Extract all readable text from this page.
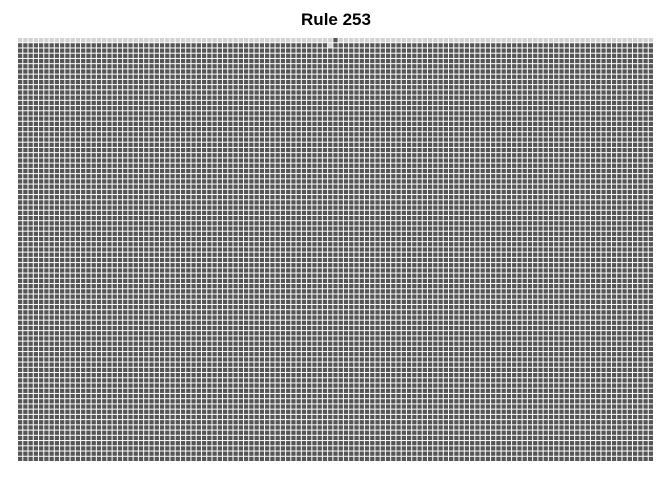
Rule 253
